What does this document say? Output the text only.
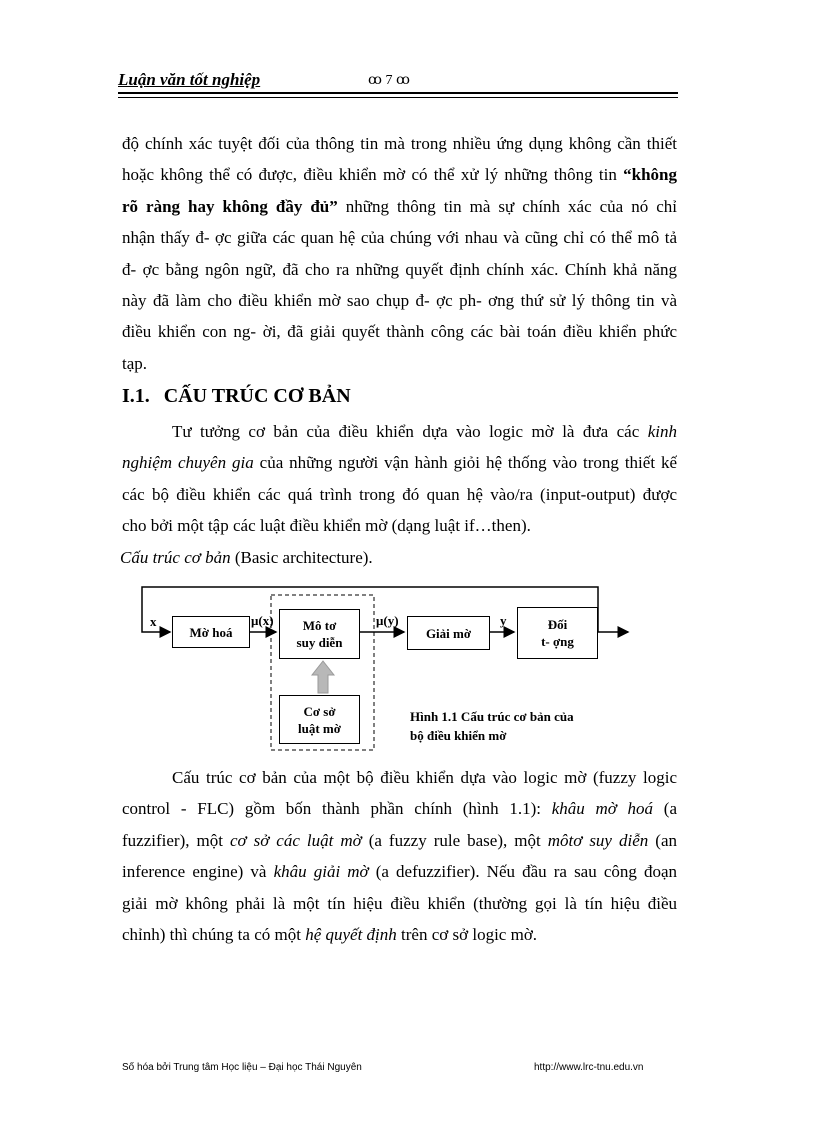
Luận văn tốt nghiệp	ꝏ 7 ꝏ
độ chính xác tuyệt đối của thông tin mà trong nhiều ứng dụng không cần thiết
hoặc không thể có được, điều khiển mờ có thể xử lý những thông tin “không
rõ ràng hay không đầy đủ” những thông tin mà sự chính xác của nó chỉ
nhận thấy đ- ợc giữa các quan hệ của chúng với nhau và cũng chỉ có thể mô tả
đ- ợc bằng ngôn ngữ, đã cho ra những quyết định chính xác. Chính khả năng
này đã làm cho điều khiển mờ sao chụp đ- ợc ph- ơng thứ sử lý thông tin và
điều khiển con ng- ời, đã giải quyết thành công các bài toán điều khiển phức
tạp.
I.1. CẤU TRÚC CƠ BẢN
Tư tưởng cơ bản của điều khiển dựa vào logic mờ là đưa các kinh
nghiệm chuyên gia của những người vận hành giỏi hệ thống vào trong thiết kế
các bộ điều khiển các quá trình trong đó quan hệ vào/ra (input-output) được
cho bởi một tập các luật điều khiển mờ (dạng luật if…then).
Cấu trúc cơ bản (Basic architecture).
Mờ hoá	Mô tơ
suy diễn
Cơ sở
luật mờ
Giải mờ
Đối
t- ợng
x	μ(x)	μ(y)	y
Hình 1.1 Cấu trúc cơ bản của
bộ điều khiển mờ
Cấu trúc cơ bản của một bộ điều khiển dựa vào logic mờ (fuzzy logic
control - FLC) gồm bốn thành phần chính (hình 1.1): khâu mờ hoá (a
fuzzifier), một cơ sở các luật mờ (a fuzzy rule base), một môtơ suy diễn (an
inference engine) và khâu giải mờ (a defuzzifier). Nếu đầu ra sau công đoạn
giải mờ không phải là một tín hiệu điều khiển (thường gọi là tín hiệu điều
chỉnh) thì chúng ta có một hệ quyết định trên cơ sở logic mờ.
Số hóa bởi Trung tâm Học liệu – Đại học Thái Nguyên	http://www.lrc-tnu.edu.vn
